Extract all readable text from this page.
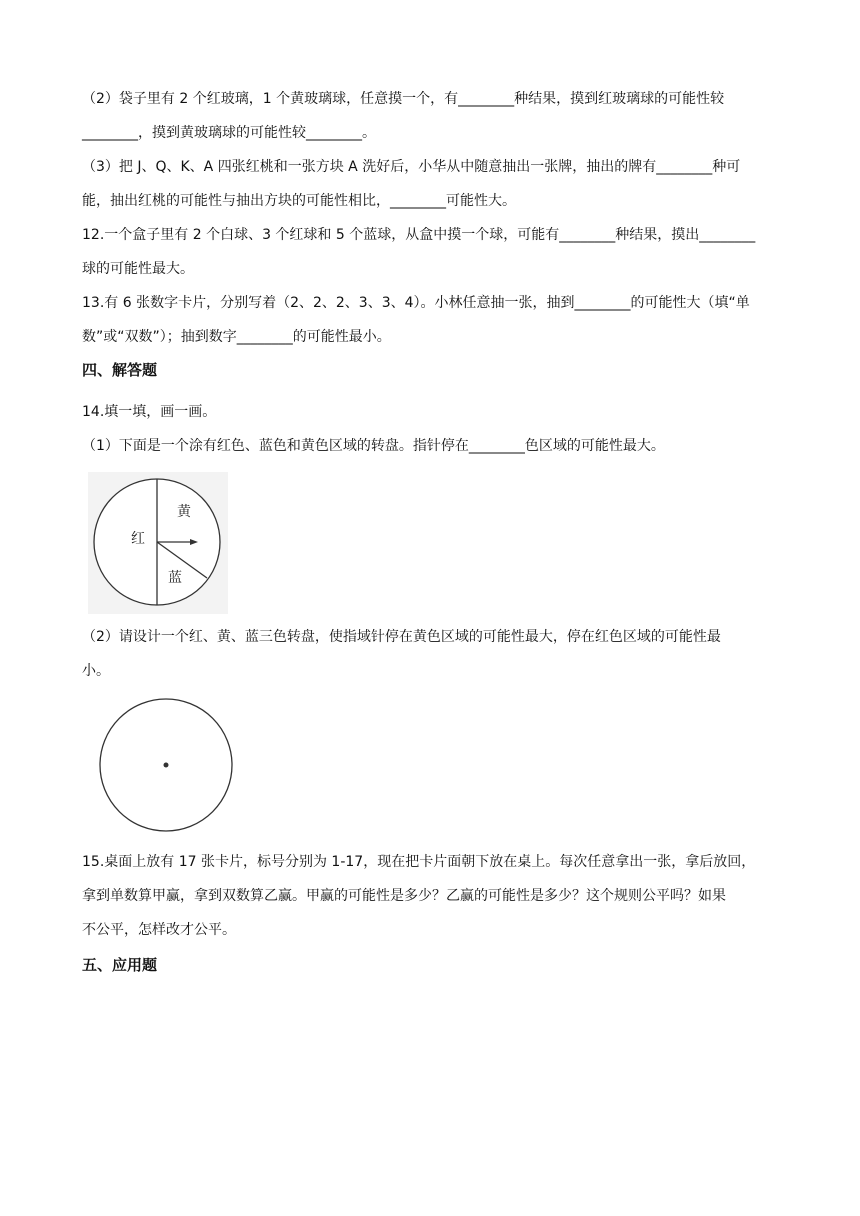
（2）袋子里有 2 个红玻璃，1 个黄玻璃球，任意摸一个，有________种结果，摸到红玻璃球的可能性较
________，摸到黄玻璃球的可能性较________。
（3）把 J、Q、K、A 四张红桃和一张方块 A 洗好后，小华从中随意抽出一张牌，抽出的牌有________种可
能，抽出红桃的可能性与抽出方块的可能性相比，________可能性大。
12.一个盒子里有 2 个白球、3 个红球和 5 个蓝球，从盒中摸一个球，可能有________种结果，摸出________
球的可能性最大。
13.有 6 张数字卡片，分别写着（2、2、2、3、3、4）。小林任意抽一张，抽到________的可能性大（填“单
数”或“双数”）；抽到数字________的可能性最小。
四、解答题
14.填一填，画一画。
（1）下面是一个涂有红色、蓝色和黄色区域的转盘。指针停在________色区域的可能性最大。
红
黄
蓝
（2）请设计一个红、黄、蓝三色转盘，使指域针停在黄色区域的可能性最大，停在红色区域的可能性最
小。
15.桌面上放有 17 张卡片，标号分别为 1-17，现在把卡片面朝下放在桌上。每次任意拿出一张，拿后放回，
拿到单数算甲赢，拿到双数算乙赢。甲赢的可能性是多少？乙赢的可能性是多少？这个规则公平吗？如果
不公平，怎样改才公平。
五、应用题
